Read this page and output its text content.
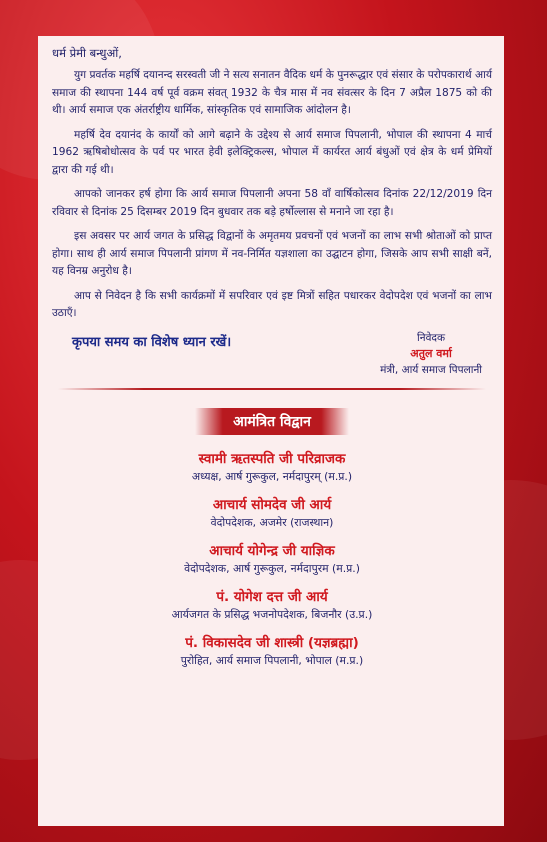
धर्म प्रेमी बन्धुओं,

युग प्रवर्तक महर्षि दयानन्द सरस्वती जी ने सत्य सनातन वैदिक धर्म के पुनरूद्धार एवं संसार के परोपकारार्थ आर्य समाज की स्थापना 144 वर्ष पूर्व वक्रम संवत् 1932 के चैत्र मास में नव संवत्सर के दिन 7 अप्रैल 1875 को की थी। आर्य समाज एक अंतर्राष्ट्रीय धार्मिक, सांस्कृतिक एवं सामाजिक आंदोलन है।

महर्षि देव दयानंद के कार्यों को आगे बढ़ाने के उद्देश्य से आर्य समाज पिपलानी, भोपाल की स्थापना 4 मार्च 1962 ऋषिबोधोत्सव के पर्व पर भारत हेवी इलेक्ट्रिकल्स, भोपाल में कार्यरत आर्य बंधुओं एवं क्षेत्र के धर्म प्रेमियों द्वारा की गई थी।

आपको जानकर हर्ष होगा कि आर्य समाज पिपलानी अपना 58 वाँ वार्षिकोत्सव दिनांक 22/12/2019 दिन रविवार से दिनांक 25 दिसम्बर 2019 दिन बुधवार तक बड़े हर्षोल्लास से मनाने जा रहा है।

इस अवसर पर आर्य जगत के प्रसिद्ध विद्वानों के अमृतमय प्रवचनों एवं भजनों का लाभ सभी श्रोताओं को प्राप्त होगा। साथ ही आर्य समाज पिपलानी प्रांगण में नव-निर्मित यज्ञशाला का उद्घाटन होगा, जिसके आप सभी साक्षी बनें, यह विनम्र अनुरोध है।

आप से निवेदन है कि सभी कार्यक्रमों में सपरिवार एवं इष्ट मित्रों सहित पधारकर वेदोपदेश एवं भजनों का लाभ उठाएँ।

कृपया समय का विशेष ध्यान रखें।	निवेदक
अतुल वर्मा
मंत्री, आर्य समाज पिपलानी
आमंत्रित विद्वान
स्वामी ऋतस्पति जी परिव्राजक
अध्यक्ष, आर्ष गुरूकुल, नर्मदापुरम् (म.प्र.)
आचार्य सोमदेव जी आर्य
वेदोपदेशक, अजमेर (राजस्थान)
आचार्य योगेन्द्र जी याज्ञिक
वेदोपदेशक, आर्ष गुरूकुल, नर्मदापुरम (म.प्र.)
पं. योगेश दत्त जी आर्य
आर्यजगत के प्रसिद्ध भजनोपदेशक, बिजनौर (उ.प्र.)
पं. विकासदेव जी शास्त्री (यज्ञब्रह्मा)
पुरोहित, आर्य समाज पिपलानी, भोपाल (म.प्र.)
